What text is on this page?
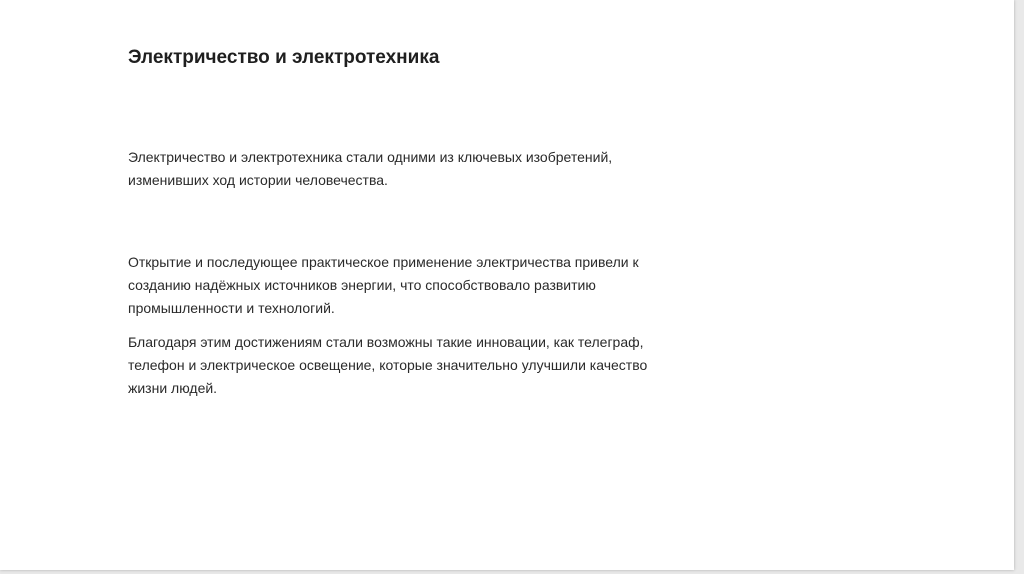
Электричество и электротехника

Электричество и электротехника стали одними из ключевых изобретений,
изменивших ход истории человечества.

Открытие и последующее практическое применение электричества привели к
созданию надёжных источников энергии, что способствовало развитию
промышленности и технологий.

Благодаря этим достижениям стали возможны такие инновации, как телеграф,
телефон и электрическое освещение, которые значительно улучшили качество
жизни людей.
